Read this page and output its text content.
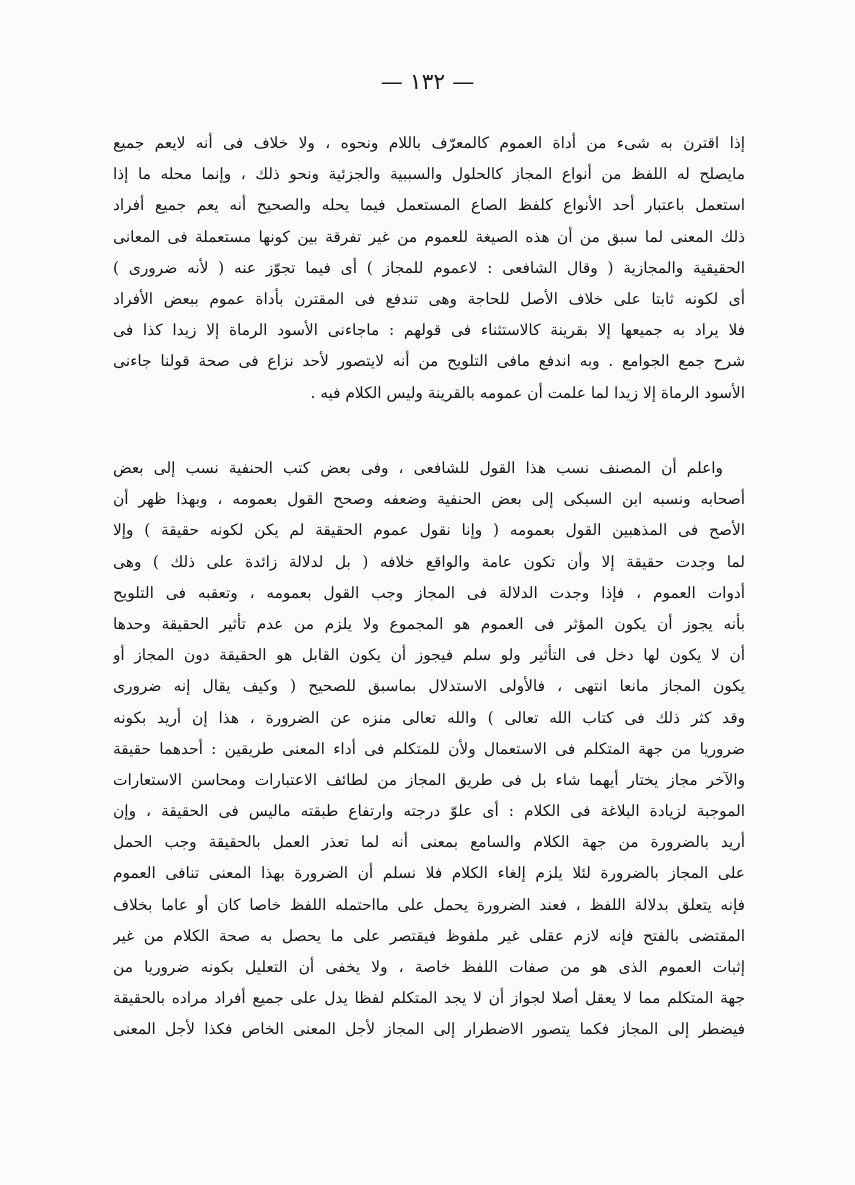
— ١٣٢ —
إذا اقترن به شىء من أداة العموم كالمعرّف باللام ونحوه ، ولا خلاف فى أنه لايعم جميع
مايصلح له اللفظ من أنواع المجاز كالحلول والسببية والجزئية ونحو ذلك ، وإنما محله ما إذا
استعمل باعتبار أحد الأنواع كلفظ الصاع المستعمل فيما يحله والصحيح أنه يعم جميع أفراد
ذلك المعنى لما سبق من أن هذه الصيغة للعموم من غير تفرقة بين كونها مستعملة فى المعانى
الحقيقية والمجازية ( وقال الشافعى : لاعموم للمجاز ) أى فيما تجوّز عنه ( لأنه ضرورى )
أى لكونه ثابتا على خلاف الأصل للحاجة وهى تندفع فى المقترن بأداة عموم ببعض الأفراد
فلا يراد به جميعها إلا بقرينة كالاستثناء فى قولهم : ماجاءنى الأسود الرماة إلا زيدا كذا فى
شرح جمع الجوامع . وبه اندفع مافى التلويح من أنه لايتصور لأحد نزاع فى صحة قولنا جاءنى
الأسود الرماة إلا زيدا لما علمت أن عمومه بالقرينة وليس الكلام فيه .
واعلم أن المصنف نسب هذا القول للشافعى ، وفى بعض كتب الحنفية نسب إلى بعض
أصحابه ونسبه ابن السبكى إلى بعض الحنفية وضعفه وصحح القول بعمومه ، وبهذا ظهر أن
الأصح فى المذهبين القول بعمومه ( وإنا نقول عموم الحقيقة لم يكن لكونه حقيقة ) وإلا
لما وجدت حقيقة إلا وأن تكون عامة والواقع خلافه ( بل لدلالة زائدة على ذلك ) وهى
أدوات العموم ، فإذا وجدت الدلالة فى المجاز وجب القول بعمومه ، وتعقبه فى التلويح
بأنه يجوز أن يكون المؤثر فى العموم هو المجموع ولا يلزم من عدم تأثير الحقيقة وحدها
أن لا يكون لها دخل فى التأثير ولو سلم فيجوز أن يكون القابل هو الحقيقة دون المجاز أو
يكون المجاز مانعا انتهى ، فالأولى الاستدلال بماسبق للصحيح ( وكيف يقال إنه ضرورى
وقد كثر ذلك فى كتاب الله تعالى ) والله تعالى منزه عن الضرورة ، هذا إن أريد بكونه
ضروريا من جهة المتكلم فى الاستعمال ولأن للمتكلم فى أداء المعنى طريقين : أحدهما حقيقة
والآخر مجاز يختار أيهما شاء بل فى طريق المجاز من لطائف الاعتبارات ومحاسن الاستعارات
الموجبة لزيادة البلاغة فى الكلام : أى علوّ درجته وارتفاع طبقته ماليس فى الحقيقة ، وإن
أريد بالضرورة من جهة الكلام والسامع بمعنى أنه لما تعذر العمل بالحقيقة وجب الحمل
على المجاز بالضرورة لئلا يلزم إلغاء الكلام فلا نسلم أن الضرورة بهذا المعنى تنافى العموم
فإنه يتعلق بدلالة اللفظ ، فعند الضرورة يحمل على مااحتمله اللفظ خاصا كان أو عاما بخلاف
المقتضى بالفتح فإنه لازم عقلى غير ملفوظ فيقتصر على ما يحصل به صحة الكلام من غير
إثبات العموم الذى هو من صفات اللفظ خاصة ، ولا يخفى أن التعليل بكونه ضروريا من
جهة المتكلم مما لا يعقل أصلا لجواز أن لا يجد المتكلم لفظا يدل على جميع أفراد مراده بالحقيقة
فيضطر إلى المجاز فكما يتصور الاضطرار إلى المجاز لأجل المعنى الخاص فكذا لأجل المعنى
